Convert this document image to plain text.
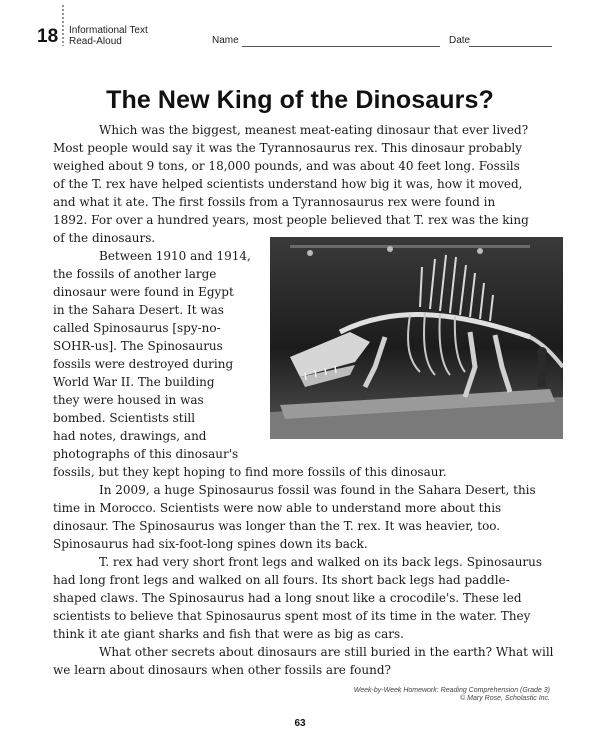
18 Informational Text
Read-Aloud	Name	Date
The New King of the Dinosaurs?
Which was the biggest, meanest meat-eating dinosaur that ever lived?
Most people would say it was the Tyrannosaurus rex. This dinosaur probably
weighed about 9 tons, or 18,000 pounds, and was about 40 feet long. Fossils
of the T. rex have helped scientists understand how big it was, how it moved,
and what it ate. The first fossils from a Tyrannosaurus rex were found in
1892. For over a hundred years, most people believed that T. rex was the king
of the dinosaurs.
Between 1910 and 1914,
the fossils of another large
dinosaur were found in Egypt
in the Sahara Desert. It was
called Spinosaurus [spy-no-
SOHR-us]. The Spinosaurus
fossils were destroyed during
World War II. The building
they were housed in was
bombed. Scientists still
had notes, drawings, and
photographs of this dinosaur's
fossils, but they kept hoping to find more fossils of this dinosaur.
In 2009, a huge Spinosaurus fossil was found in the Sahara Desert, this
time in Morocco. Scientists were now able to understand more about this
dinosaur. The Spinosaurus was longer than the T. rex. It was heavier, too.
Spinosaurus had six-foot-long spines down its back.
T. rex had very short front legs and walked on its back legs. Spinosaurus
had long front legs and walked on all fours. Its short back legs had paddle-
shaped claws. The Spinosaurus had a long snout like a crocodile's. These led
scientists to believe that Spinosaurus spent most of its time in the water. They
think it ate giant sharks and fish that were as big as cars.
What other secrets about dinosaurs are still buried in the earth? What will
we learn about dinosaurs when other fossils are found?
Week-by-Week Homework: Reading Comprehension (Grade 3)
© Mary Rose, Scholastic Inc.
63
